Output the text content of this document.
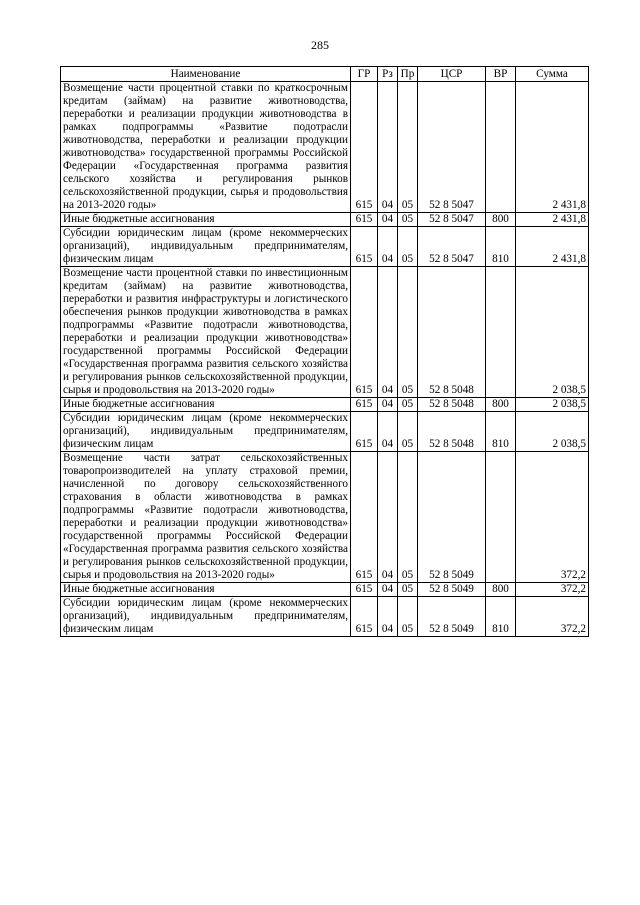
285
Наименование	ГР	Рз	Пр	ЦСР	ВР	Сумма
Возмещение части процентной ставки по краткосрочным кредитам (займам) на развитие животноводства, переработки и реализации продукции животноводства в рамках подпрограммы «Развитие подотрасли животноводства, переработки и реализации продукции животноводства» государственной программы Российской Федерации «Государственная программа развития сельского хозяйства и регулирования рынков сельскохозяйственной продукции, сырья и продовольствия на 2013-2020 годы»	615	04	05	52 8 5047		2 431,8
Иные бюджетные ассигнования	615	04	05	52 8 5047	800	2 431,8
Субсидии юридическим лицам (кроме некоммерческих организаций), индивидуальным предпринимателям, физическим лицам	615	04	05	52 8 5047	810	2 431,8
Возмещение части процентной ставки по инвестиционным кредитам (займам) на развитие животноводства, переработки и развития инфраструктуры и логистического обеспечения рынков продукции животноводства в рамках подпрограммы «Развитие подотрасли животноводства, переработки и реализации продукции животноводства» государственной программы Российской Федерации «Государственная программа развития сельского хозяйства и регулирования рынков сельскохозяйственной продукции, сырья и продовольствия на 2013-2020 годы»	615	04	05	52 8 5048		2 038,5
Иные бюджетные ассигнования	615	04	05	52 8 5048	800	2 038,5
Субсидии юридическим лицам (кроме некоммерческих организаций), индивидуальным предпринимателям, физическим лицам	615	04	05	52 8 5048	810	2 038,5
Возмещение части затрат сельскохозяйственных товаропроизводителей на уплату страховой премии, начисленной по договору сельскохозяйственного страхования в области животноводства в рамках подпрограммы «Развитие подотрасли животноводства, переработки и реализации продукции животноводства» государственной программы Российской Федерации «Государственная программа развития сельского хозяйства и регулирования рынков сельскохозяйственной продукции, сырья и продовольствия на 2013-2020 годы»	615	04	05	52 8 5049		372,2
Иные бюджетные ассигнования	615	04	05	52 8 5049	800	372,2
Субсидии юридическим лицам (кроме некоммерческих организаций), индивидуальным предпринимателям, физическим лицам	615	04	05	52 8 5049	810	372,2
